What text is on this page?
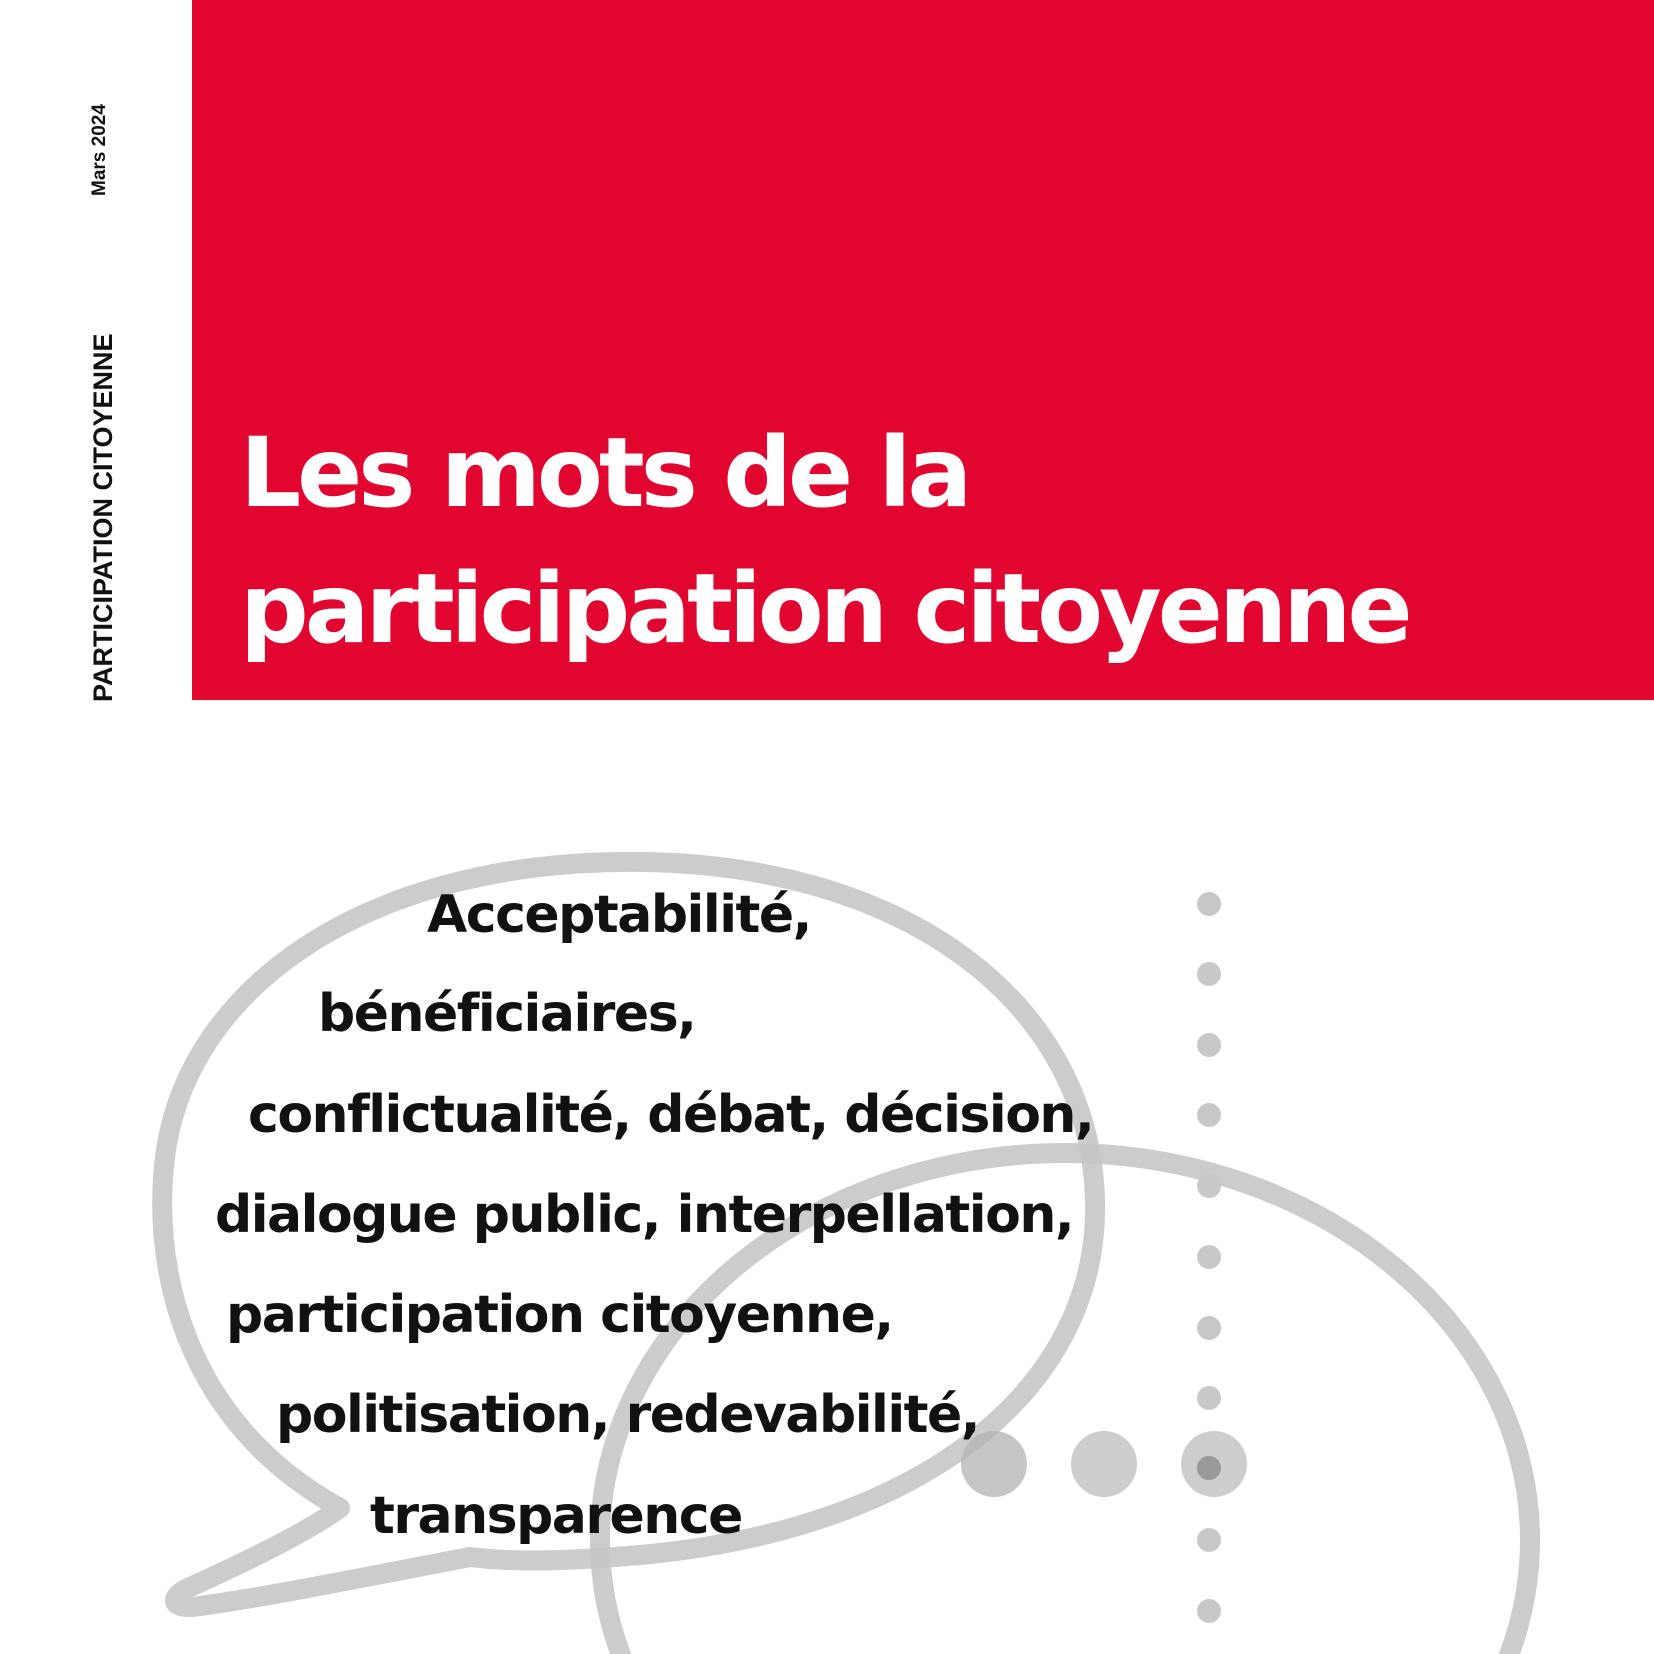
Les mots de la
participation citoyenne
Mars 2024
PARTICIPATION CITOYENNE

Acceptabilité,

bénéficiaires,

conflictualité, débat, décision,

dialogue public, interpellation,

participation citoyenne,

politisation, redevabilité,

transparence
